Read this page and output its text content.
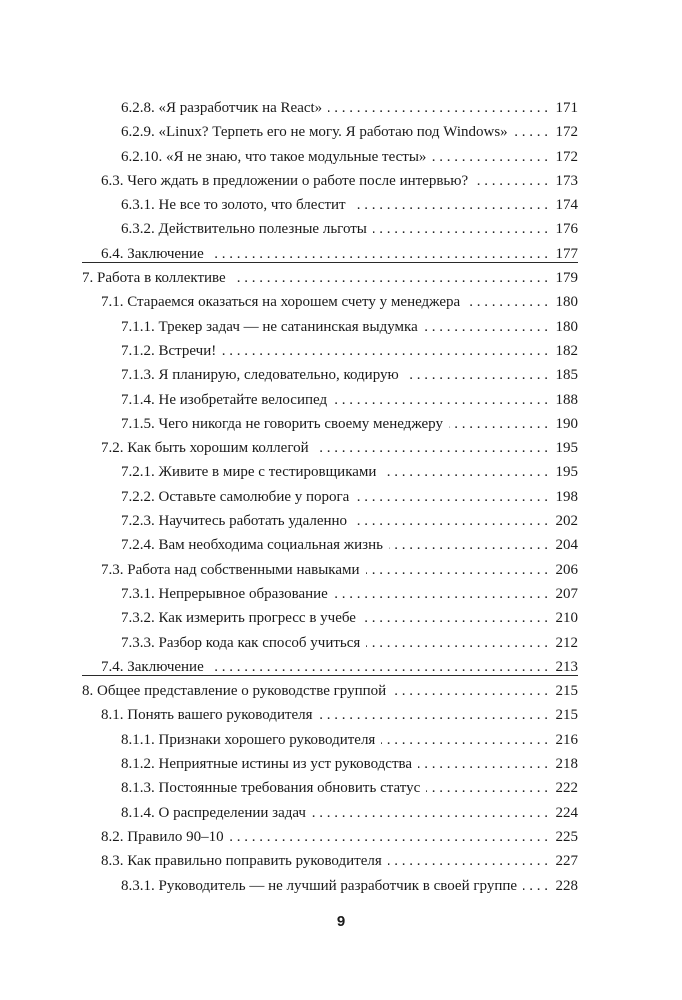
6.2.8. «Я разработчик на React» . . .	171
6.2.9. «Linux? Терпеть его не могу. Я работаю под Windows» . . .	172
6.2.10. «Я не знаю, что такое модульные тесты» . . .	172
6.3. Чего ждать в предложении о работе после интервью? . . .	173
6.3.1. Не все то золото, что блестит . . .	174
6.3.2. Действительно полезные льготы . . .	176
6.4. Заключение . . .	177
7. Работа в коллективе . . .	179
7.1. Стараемся оказаться на хорошем счету у менеджера . . .	180
7.1.1. Трекер задач — не сатанинская выдумка . . .	180
7.1.2. Встречи! . . .	182
7.1.3. Я планирую, следовательно, кодирую . . .	185
7.1.4. Не изобретайте велосипед . . .	188
7.1.5. Чего никогда не говорить своему менеджеру . . .	190
7.2. Как быть хорошим коллегой . . .	195
7.2.1. Живите в мире с тестировщиками . . .	195
7.2.2. Оставьте самолюбие у порога . . .	198
7.2.3. Научитесь работать удаленно . . .	202
7.2.4. Вам необходима социальная жизнь . . .	204
7.3. Работа над собственными навыками . . .	206
7.3.1. Непрерывное образование . . .	207
7.3.2. Как измерить прогресс в учебе . . .	210
7.3.3. Разбор кода как способ учиться . . .	212
7.4. Заключение . . .	213
8. Общее представление о руководстве группой . . .	215
8.1. Понять вашего руководителя . . .	215
8.1.1. Признаки хорошего руководителя . . .	216
8.1.2. Неприятные истины из уст руководства . . .	218
8.1.3. Постоянные требования обновить статус . . .	222
8.1.4. О распределении задач . . .	224
8.2. Правило 90–10 . . .	225
8.3. Как правильно поправить руководителя . . .	227
8.3.1. Руководитель — не лучший разработчик в своей группе . . .	228
9
